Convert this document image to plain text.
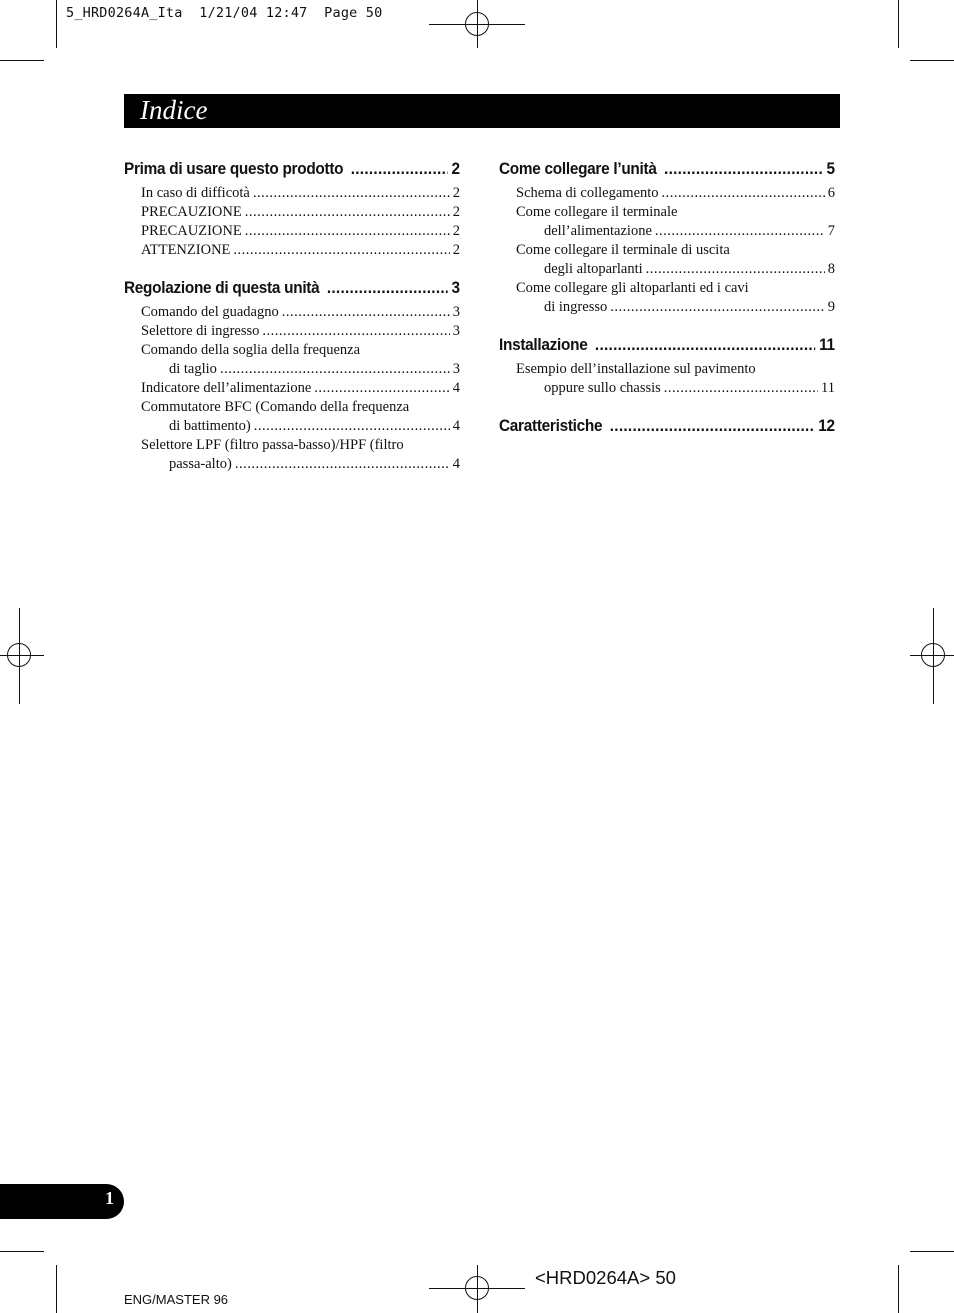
5_HRD0264A_Ita  1/21/04 12:47  Page 50
Indice
Prima di usare questo prodotto .....	2
In caso di difficotà .....	2
PRECAUZIONE .....	2
PRECAUZIONE .....	2
ATTENZIONE .....	2
Regolazione di questa unità .....	3
Comando del guadagno .....	3
Selettore di ingresso .....	3
Comando della soglia della frequenza
di taglio .....	3
Indicatore dell’alimentazione .....	4
Commutatore BFC (Comando della frequenza
di battimento) .....	4
Selettore LPF (filtro passa-basso)/HPF (filtro
passa-alto) .....	4
Come collegare l’unità .....	5
Schema di collegamento .....	6
Come collegare il terminale
dell’alimentazione .....	7
Come collegare il terminale di uscita
degli altoparlanti .....	8
Come collegare gli altoparlanti ed i cavi
di ingresso .....	9
Installazione .....	11
Esempio dell’installazione sul pavimento
oppure sullo chassis .....	11
Caratteristiche .....	12
1
<HRD0264A> 50
ENG/MASTER 96
